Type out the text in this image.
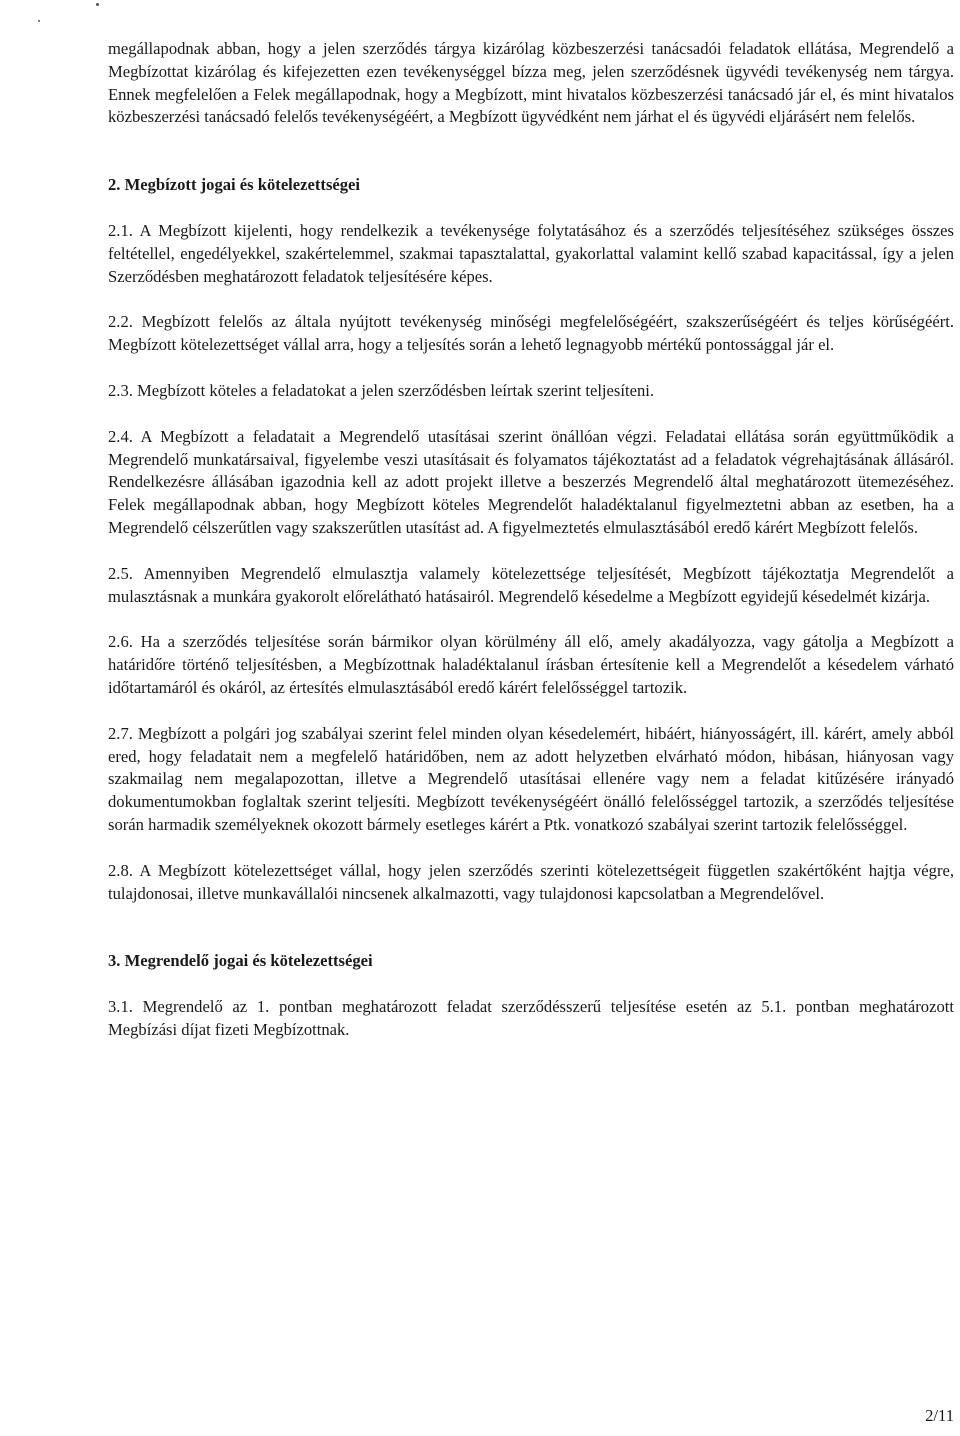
megállapodnak abban, hogy a jelen szerződés tárgya kizárólag közbeszerzési tanácsadói feladatok ellátása, Megrendelő a Megbízottat kizárólag és kifejezetten ezen tevékenységgel bízza meg, jelen szerződésnek ügyvédi tevékenység nem tárgya. Ennek megfelelően a Felek megállapodnak, hogy a Megbízott, mint hivatalos közbeszerzési tanácsadó jár el, és mint hivatalos közbeszerzési tanácsadó felelős tevékenységéért, a Megbízott ügyvédként nem járhat el és ügyvédi eljárásért nem felelős.

2. Megbízott jogai és kötelezettségei

2.1. A Megbízott kijelenti, hogy rendelkezik a tevékenysége folytatásához és a szerződés teljesítéséhez szükséges összes feltétellel, engedélyekkel, szakértelemmel, szakmai tapasztalattal, gyakorlattal valamint kellő szabad kapacitással, így a jelen Szerződésben meghatározott feladatok teljesítésére képes.

2.2. Megbízott felelős az általa nyújtott tevékenység minőségi megfelelőségéért, szakszerűségéért és teljes körűségéért. Megbízott kötelezettséget vállal arra, hogy a teljesítés során a lehető legnagyobb mértékű pontossággal jár el.

2.3. Megbízott köteles a feladatokat a jelen szerződésben leírtak szerint teljesíteni.

2.4. A Megbízott a feladatait a Megrendelő utasításai szerint önállóan végzi. Feladatai ellátása során együttműködik a Megrendelő munkatársaival, figyelembe veszi utasításait és folyamatos tájékoztatást ad a feladatok végrehajtásának állásáról. Rendelkezésre állásában igazodnia kell az adott projekt illetve a beszerzés Megrendelő által meghatározott ütemezéséhez. Felek megállapodnak abban, hogy Megbízott köteles Megrendelőt haladéktalanul figyelmeztetni abban az esetben, ha a Megrendelő célszerűtlen vagy szakszerűtlen utasítást ad. A figyelmeztetés elmulasztásából eredő kárért Megbízott felelős.

2.5. Amennyiben Megrendelő elmulasztja valamely kötelezettsége teljesítését, Megbízott tájékoztatja Megrendelőt a mulasztásnak a munkára gyakorolt előrelátható hatásairól. Megrendelő késedelme a Megbízott egyidejű késedelmét kizárja.

2.6. Ha a szerződés teljesítése során bármikor olyan körülmény áll elő, amely akadályozza, vagy gátolja a Megbízott a határidőre történő teljesítésben, a Megbízottnak haladéktalanul írásban értesítenie kell a Megrendelőt a késedelem várható időtartamáról és okáról, az értesítés elmulasztásából eredő kárért felelősséggel tartozik.

2.7. Megbízott a polgári jog szabályai szerint felel minden olyan késedelemért, hibáért, hiányosságért, ill. kárért, amely abból ered, hogy feladatait nem a megfelelő határidőben, nem az adott helyzetben elvárható módon, hibásan, hiányosan vagy szakmailag nem megalapozottan, illetve a Megrendelő utasításai ellenére vagy nem a feladat kitűzésére irányadó dokumentumokban foglaltak szerint teljesíti. Megbízott tevékenységéért önálló felelősséggel tartozik, a szerződés teljesítése során harmadik személyeknek okozott bármely esetleges kárért a Ptk. vonatkozó szabályai szerint tartozik felelősséggel.

2.8. A Megbízott kötelezettséget vállal, hogy jelen szerződés szerinti kötelezettségeit független szakértőként hajtja végre, tulajdonosai, illetve munkavállalói nincsenek alkalmazotti, vagy tulajdonosi kapcsolatban a Megrendelővel.

3. Megrendelő jogai és kötelezettségei

3.1. Megrendelő az 1. pontban meghatározott feladat szerződésszerű teljesítése esetén az 5.1. pontban meghatározott Megbízási díjat fizeti Megbízottnak.

2/11
